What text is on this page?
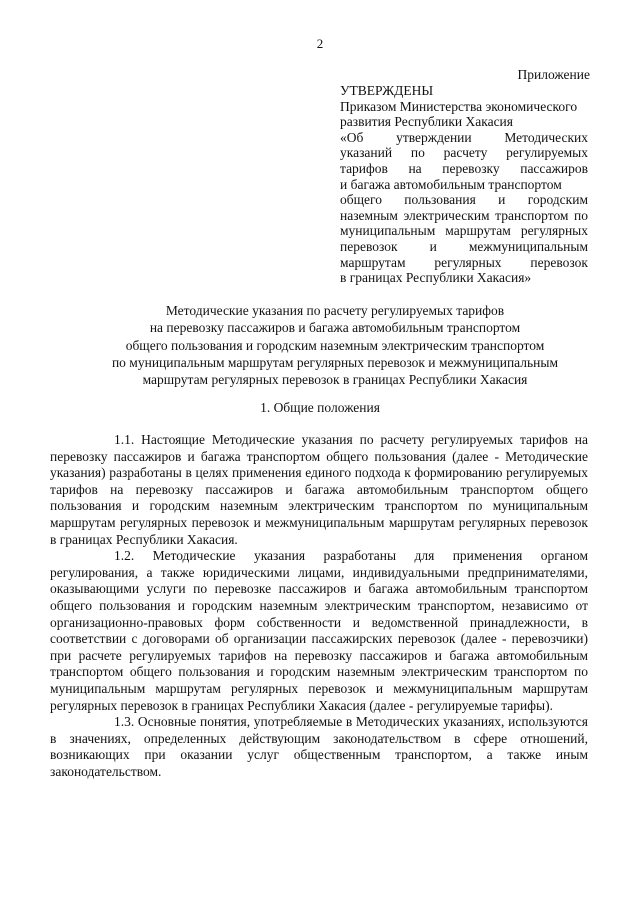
2
Приложение

УТВЕРЖДЕНЫ

Приказом Министерства экономического

развития Республики Хакасия

«Об утверждении Методических

указаний по расчету регулируемых

тарифов на перевозку пассажиров

и багажа автомобильным транспортом

общего пользования и городским

наземным электрическим транспортом по

муниципальным маршрутам регулярных

перевозок и межмуниципальным

маршрутам регулярных перевозок

в границах Республики Хакасия»

Методические указания по расчету регулируемых тарифов
на перевозку пассажиров и багажа автомобильным транспортом
общего пользования и городским наземным электрическим транспортом
по муниципальным маршрутам регулярных перевозок и межмуниципальным
маршрутам регулярных перевозок в границах Республики Хакасия
1. Общие положения

1.1. Настоящие Методические указания по расчету регулируемых тарифов на перевозку пассажиров и багажа транспортом общего пользования (далее - Методические указания) разработаны в целях применения единого подхода к формированию регулируемых тарифов на перевозку пассажиров и багажа автомобильным транспортом общего пользования и городским наземным электрическим транспортом по муниципальным маршрутам регулярных перевозок и межмуниципальным маршрутам регулярных перевозок в границах Республики Хакасия.

1.2. Методические указания разработаны для применения органом регулирования, а также юридическими лицами, индивидуальными предпринимателями, оказывающими услуги по перевозке пассажиров и багажа автомобильным транспортом общего пользования и городским наземным электрическим транспортом, независимо от организационно-правовых форм собственности и ведомственной принадлежности, в соответствии с договорами об организации пассажирских перевозок (далее - перевозчики) при расчете регулируемых тарифов на перевозку пассажиров и багажа автомобильным транспортом общего пользования и городским наземным электрическим транспортом по муниципальным маршрутам регулярных перевозок и межмуниципальным маршрутам регулярных перевозок в границах Республики Хакасия (далее - регулируемые тарифы).

1.3. Основные понятия, употребляемые в Методических указаниях, используются в значениях, определенных действующим законодательством в сфере отношений, возникающих при оказании услуг общественным транспортом, а также иным законодательством.
